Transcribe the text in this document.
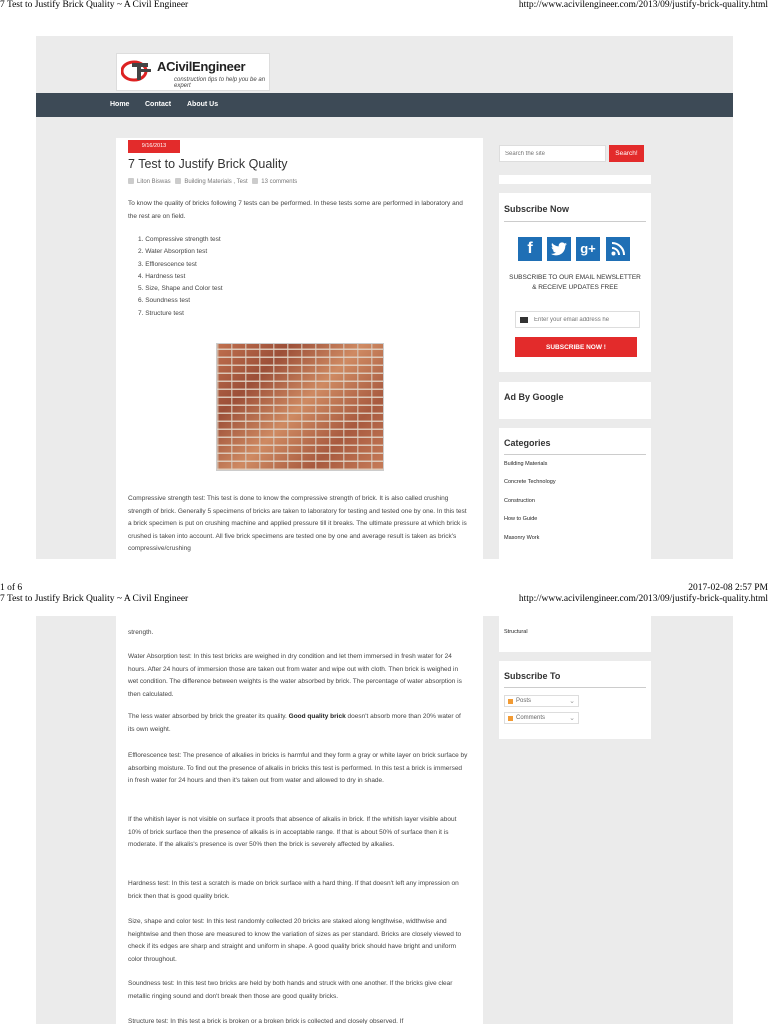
7 Test to Justify Brick Quality ~ A Civil Engineer	http://www.acivilengineer.com/2013/09/justify-brick-quality.html
ACivilEngineer
construction tips to help you be an expert
Home Contact About Us
9/16/2013
7 Test to Justify Brick Quality
Liton Biswas Building Materials , Test 13 comments
To know the quality of bricks following 7 tests can be performed. In these tests some are performed in laboratory and the rest are on field.
1. Compressive strength test
2. Water Absorption test
3. Efflorescence test
4. Hardness test
5. Size, Shape and Color test
6. Soundness test
7. Structure test
Compressive strength test: This test is done to know the compressive strength of brick. It is also called crushing strength of brick. Generally 5 specimens of bricks are taken to laboratory for testing and tested one by one. In this test a brick specimen is put on crushing machine and applied pressure till it breaks. The ultimate pressure at which brick is crushed is taken into account. All five brick specimens are tested one by one and average result is taken as brick's compressive/crushing
Search the site
Search!
Subscribe Now
SUBSCRIBE TO OUR EMAIL NEWSLETTER & RECEIVE UPDATES FREE
f	g+
Enter your email address he
SUBSCRIBE NOW !
Ad By Google
Categories
Building Materials
Concrete Technology
Construction
How to Guide
Masonry Work
1 of 6	2017-02-08 2:57 PM
7 Test to Justify Brick Quality ~ A Civil Engineer	http://www.acivilengineer.com/2013/09/justify-brick-quality.html
strength.
Water Absorption test: In this test bricks are weighed in dry condition and let them immersed in fresh water for 24 hours. After 24 hours of immersion those are taken out from water and wipe out with cloth. Then brick is weighed in wet condition. The difference between weights is the water absorbed by brick. The percentage of water absorption is then calculated.
The less water absorbed by brick the greater its quality. Good quality brick doesn't absorb more than 20% water of its own weight.
Efflorescence test: The presence of alkalies in bricks is harmful and they form a gray or white layer on brick surface by absorbing moisture. To find out the presence of alkalis in bricks this test is performed. In this test a brick is immersed in fresh water for 24 hours and then it's taken out from water and allowed to dry in shade.
If the whitish layer is not visible on surface it proofs that absence of alkalis in brick. If the whitish layer visible about 10% of brick surface then the presence of alkalis is in acceptable range. If that is about 50% of surface then it is moderate. If the alkalis's presence is over 50% then the brick is severely affected by alkalies.
Hardness test: In this test a scratch is made on brick surface with a hard thing. If that doesn't left any impression on brick then that is good quality brick.
Size, shape and color test: In this test randomly collected 20 bricks are staked along lengthwise, widthwise and heightwise and then those are measured to know the variation of sizes as per standard. Bricks are closely viewed to check if its edges are sharp and straight and uniform in shape. A good quality brick should have bright and uniform color throughout.
Soundness test: In this test two bricks are held by both hands and struck with one another. If the bricks give clear metallic ringing sound and don't break then those are good quality bricks.
Structure test: In this test a brick is broken or a broken brick is collected and closely observed. If
Structural
Subscribe To
Posts	⌄
Comments	⌄
